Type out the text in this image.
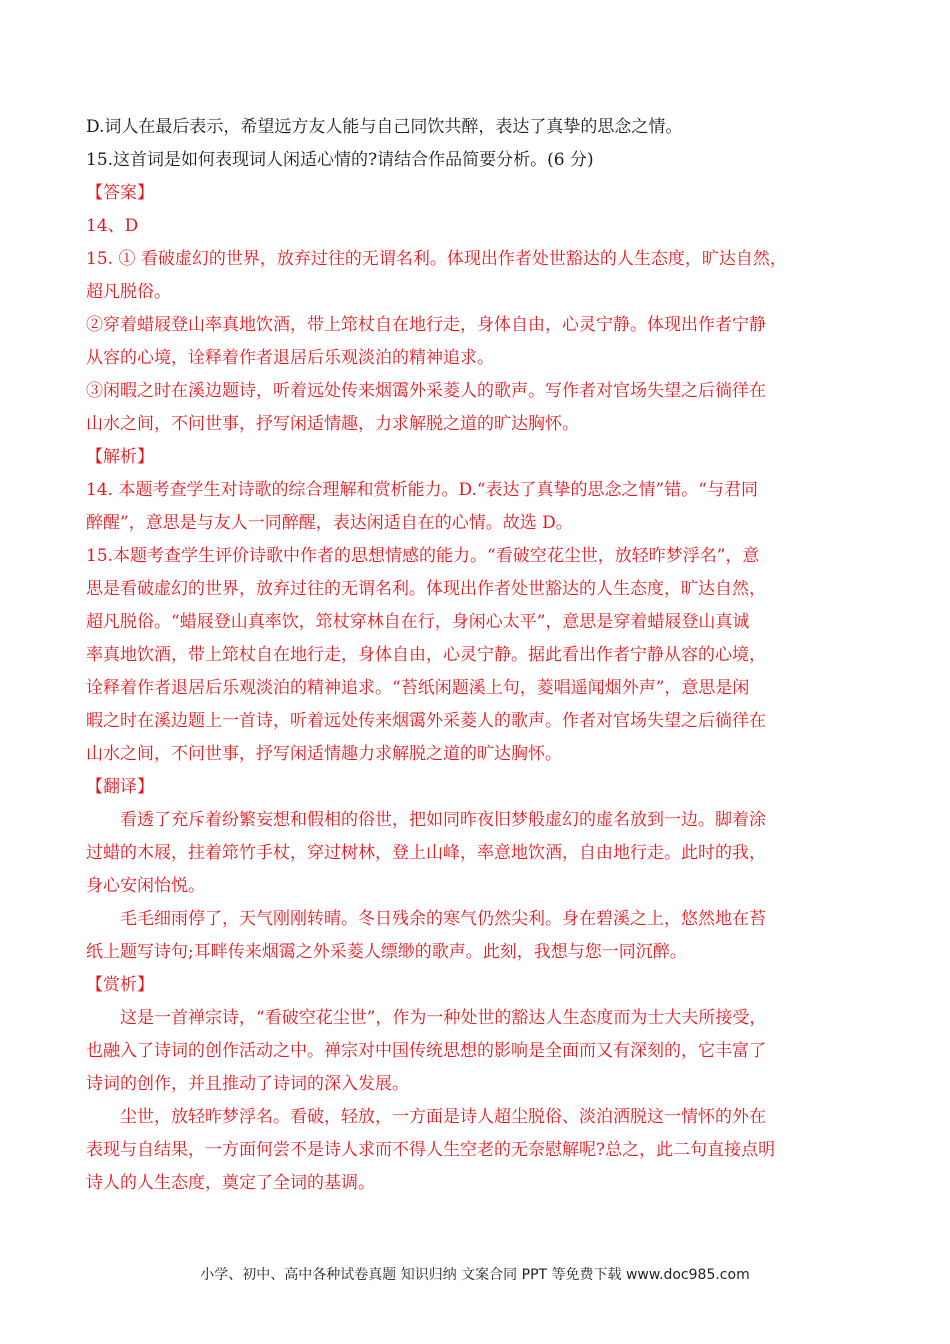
D.词人在最后表示，希望远方友人能与自己同饮共醉，表达了真挚的思念之情。
15.这首词是如何表现词人闲适心情的?请结合作品简要分析。(6 分)
【答案】
14、D
15. ① 看破虚幻的世界，放弃过往的无谓名利。体现出作者处世豁达的人生态度，旷达自然，
超凡脱俗。
②穿着蜡屐登山率真地饮酒，带上筇杖自在地行走，身体自由，心灵宁静。体现出作者宁静
从容的心境，诠释着作者退居后乐观淡泊的精神追求。
③闲暇之时在溪边题诗，听着远处传来烟霭外采菱人的歌声。写作者对官场失望之后徜徉在
山水之间，不问世事，抒写闲适情趣，力求解脱之道的旷达胸怀。
【解析】
14. 本题考查学生对诗歌的综合理解和赏析能力。D.“表达了真挚的思念之情”错。“与君同
醉醒”，意思是与友人一同醉醒，表达闲适自在的心情。故选 D。
15.本题考查学生评价诗歌中作者的思想情感的能力。“看破空花尘世，放轻昨梦浮名”，意
思是看破虚幻的世界，放弃过往的无谓名利。体现出作者处世豁达的人生态度，旷达自然，
超凡脱俗。“蜡屐登山真率饮，筇杖穿林自在行，身闲心太平”，意思是穿着蜡屐登山真诚
率真地饮酒，带上筇杖自在地行走，身体自由，心灵宁静。据此看出作者宁静从容的心境，
诠释着作者退居后乐观淡泊的精神追求。“苔纸闲题溪上句，菱唱遥闻烟外声”，意思是闲
暇之时在溪边题上一首诗，听着远处传来烟霭外采菱人的歌声。作者对官场失望之后徜徉在
山水之间，不问世事，抒写闲适情趣力求解脱之道的旷达胸怀。
【翻译】
看透了充斥着纷繁妄想和假相的俗世，把如同昨夜旧梦般虚幻的虚名放到一边。脚着涂
过蜡的木屐，拄着筇竹手杖，穿过树林，登上山峰，率意地饮酒，自由地行走。此时的我，
身心安闲怡悦。
毛毛细雨停了，天气刚刚转晴。冬日残余的寒气仍然尖利。身在碧溪之上，悠然地在苔
纸上题写诗句;耳畔传来烟霭之外采菱人缥缈的歌声。此刻，我想与您一同沉醉。
【赏析】
这是一首禅宗诗，“看破空花尘世”，作为一种处世的豁达人生态度而为士大夫所接受，
也融入了诗词的创作活动之中。禅宗对中国传统思想的影响是全面而又有深刻的，它丰富了
诗词的创作，并且推动了诗词的深入发展。
尘世，放轻昨梦浮名。看破，轻放，一方面是诗人超尘脱俗、淡泊洒脱这一情怀的外在
表现与自结果，一方面何尝不是诗人求而不得人生空老的无奈慰解呢?总之，此二句直接点明
诗人的人生态度，奠定了全词的基调。
小学、初中、高中各种试卷真题 知识归纳 文案合同 PPT 等免费下载 www.doc985.com
